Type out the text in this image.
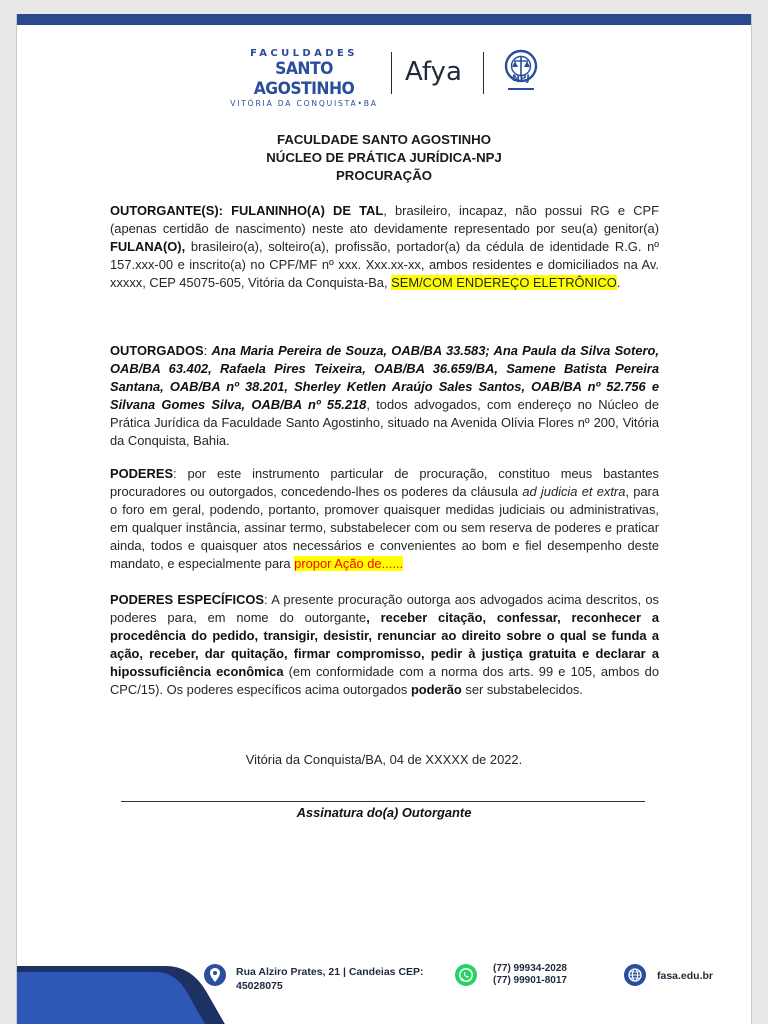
FACULDADES
SANTO AGOSTINHO
VITÓRIA DA CONQUISTA•BA
Afya	NPJ
FACULDADE SANTO AGOSTINHO
NÚCLEO DE PRÁTICA JURÍDICA-NPJ
PROCURAÇÃO
OUTORGANTE(S): FULANINHO(A) DE TAL, brasileiro, incapaz, não possui RG e CPF (apenas certidão de nascimento) neste ato devidamente representado por seu(a) genitor(a) FULANA(O), brasileiro(a), solteiro(a), profissão, portador(a) da cédula de identidade R.G. nº 157.xxx-00 e inscrito(a) no CPF/MF nº xxx. Xxx.xx-xx, ambos residentes e domiciliados na Av. xxxxx, CEP 45075-605, Vitória da Conquista-Ba, SEM/COM ENDEREÇO ELETRÔNICO.
OUTORGADOS: Ana Maria Pereira de Souza, OAB/BA 33.583; Ana Paula da Silva Sotero, OAB/BA 63.402, Rafaela Pires Teixeira, OAB/BA 36.659/BA, Samene Batista Pereira Santana, OAB/BA nº 38.201, Sherley Ketlen Araújo Sales Santos, OAB/BA nº 52.756 e Silvana Gomes Silva, OAB/BA nº 55.218, todos advogados, com endereço no Núcleo de Prática Jurídica da Faculdade Santo Agostinho, situado na Avenida Olívia Flores nº 200, Vitória da Conquista, Bahia.
PODERES: por este instrumento particular de procuração, constituo meus bastantes procuradores ou outorgados, concedendo-lhes os poderes da cláusula ad judicia et extra, para o foro em geral, podendo, portanto, promover quaisquer medidas judiciais ou administrativas, em qualquer instância, assinar termo, substabelecer com ou sem reserva de poderes e praticar ainda, todos e quaisquer atos necessários e convenientes ao bom e fiel desempenho deste mandato, e especialmente para propor Ação de......
PODERES ESPECÍFICOS: A presente procuração outorga aos advogados acima descritos, os poderes para, em nome do outorgante, receber citação, confessar, reconhecer a procedência do pedido, transigir, desistir, renunciar ao direito sobre o qual se funda a ação, receber, dar quitação, firmar compromisso, pedir à justiça gratuita e declarar a hipossuficiência econômica (em conformidade com a norma dos arts. 99 e 105, ambos do CPC/15). Os poderes específicos acima outorgados poderão ser substabelecidos.
Vitória da Conquista/BA, 04 de XXXXX de 2022.
Assinatura do(a) Outorgante
Rua Alziro Prates, 21 | Candeias CEP: 45028075
(77) 99934-2028
(77) 99901-8017	fasa.edu.br
